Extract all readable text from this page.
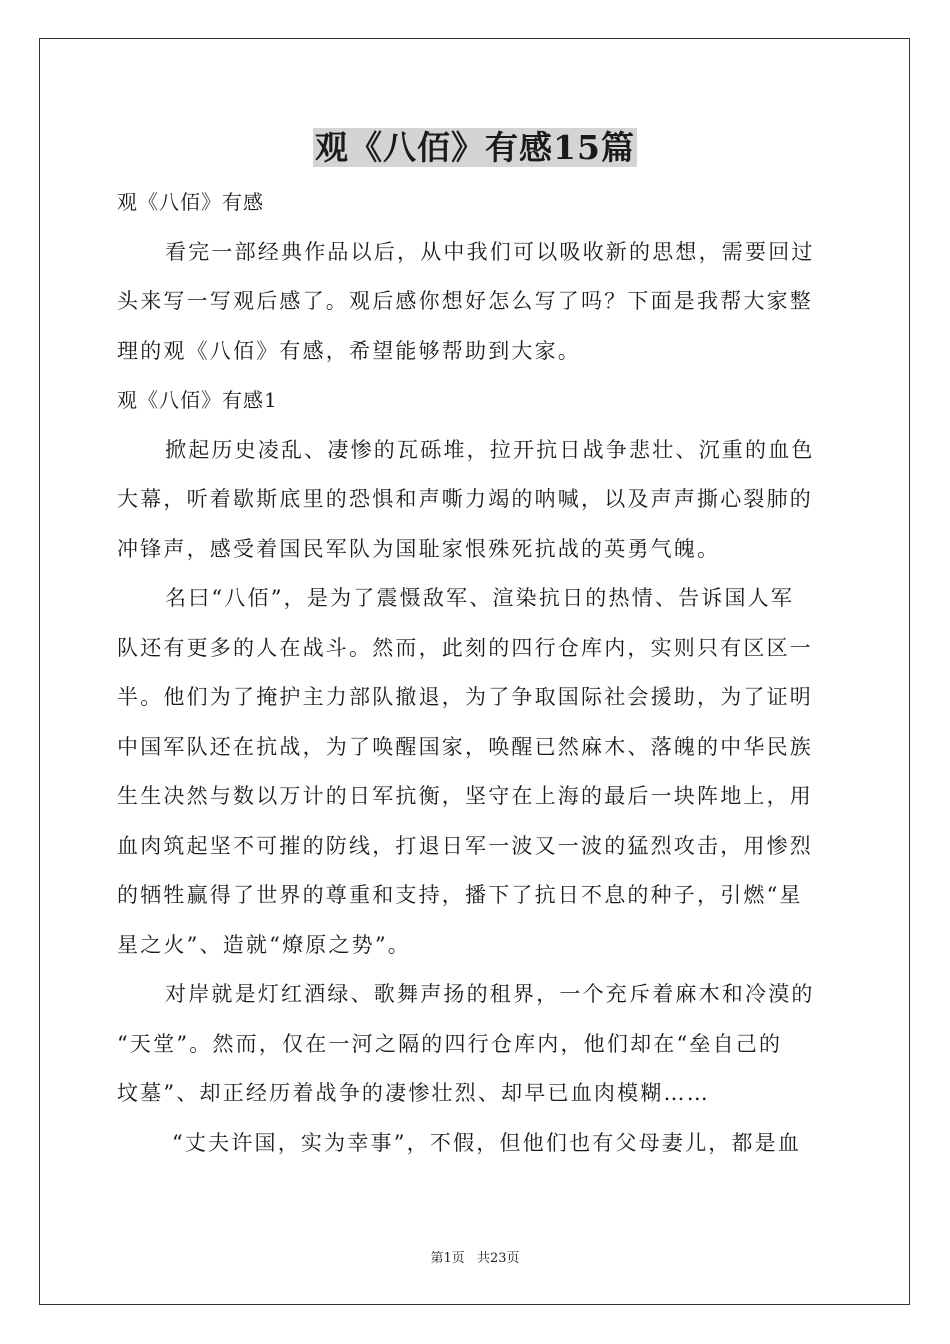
观《八佰》有感15篇
观《八佰》有感
看完一部经典作品以后，从中我们可以吸收新的思想，需要回过
头来写一写观后感了。观后感你想好怎么写了吗？下面是我帮大家整
理的观《八佰》有感，希望能够帮助到大家。
观《八佰》有感1
掀起历史凌乱、凄惨的瓦砾堆，拉开抗日战争悲壮、沉重的血色
大幕，听着歇斯底里的恐惧和声嘶力竭的呐喊，以及声声撕心裂肺的
冲锋声，感受着国民军队为国耻家恨殊死抗战的英勇气魄。
名曰“八佰”，是为了震慑敌军、渲染抗日的热情、告诉国人军
队还有更多的人在战斗。然而，此刻的四行仓库内，实则只有区区一
半。他们为了掩护主力部队撤退，为了争取国际社会援助，为了证明
中国军队还在抗战，为了唤醒国家，唤醒已然麻木、落魄的中华民族
生生决然与数以万计的日军抗衡，坚守在上海的最后一块阵地上，用
血肉筑起坚不可摧的防线，打退日军一波又一波的猛烈攻击，用惨烈
的牺牲赢得了世界的尊重和支持，播下了抗日不息的种子，引燃“星
星之火”、造就“燎原之势”。
对岸就是灯红酒绿、歌舞声扬的租界，一个充斥着麻木和冷漠的
“天堂”。然而，仅在一河之隔的四行仓库内，他们却在“垒自己的
坟墓”、却正经历着战争的凄惨壮烈、却早已血肉模糊……
“丈夫许国，实为幸事”，不假，但他们也有父母妻儿，都是血
第1页 共23页
